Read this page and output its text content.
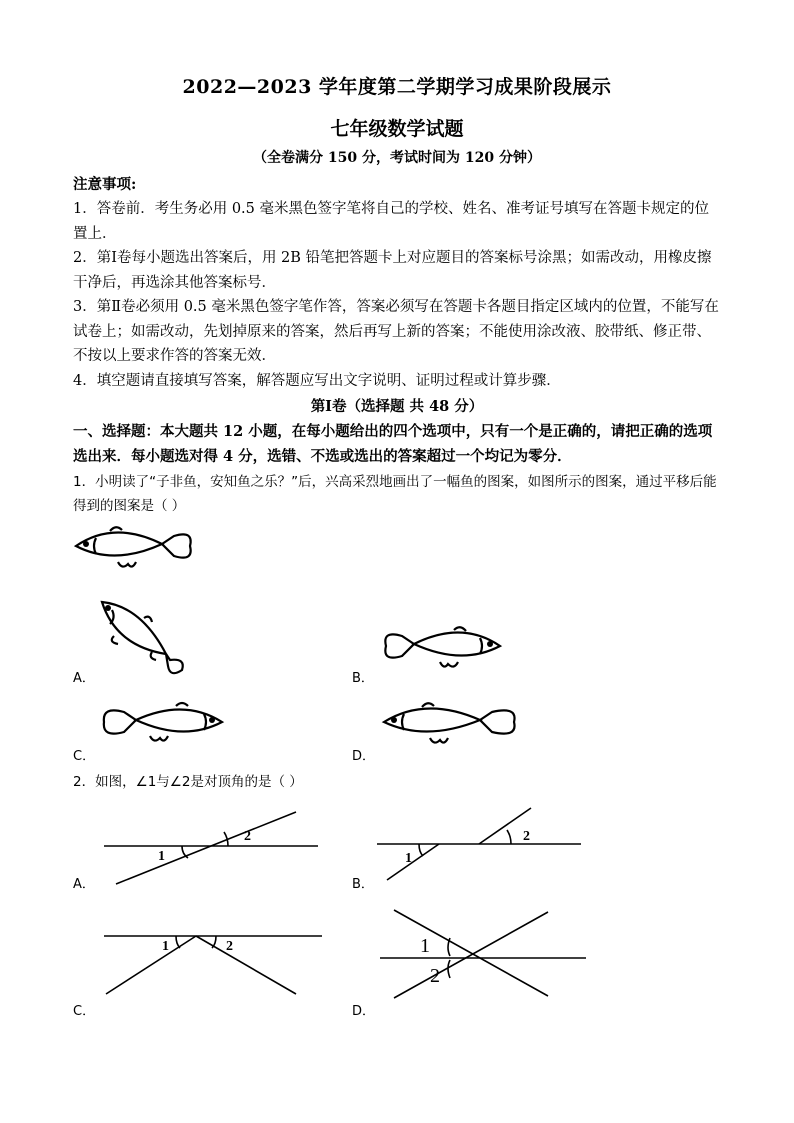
2022—2023 学年度第二学期学习成果阶段展示
七年级数学试题
（全卷满分 150 分，考试时间为 120 分钟）
注意事项:
1．答卷前．考生务必用 0.5 毫米黑色签字笔将自己的学校、姓名、准考证号填写在答题卡规定的位置上．
2．第Ⅰ卷每小题选出答案后，用 2B 铅笔把答题卡上对应题目的答案标号涂黑；如需改动，用橡皮擦干净后，再选涂其他答案标号．
3．第Ⅱ卷必须用 0.5 毫米黑色签字笔作答，答案必须写在答题卡各题目指定区域内的位置，不能写在试卷上；如需改动，先划掉原来的答案，然后再写上新的答案；不能使用涂改液、胶带纸、修正带、不按以上要求作答的答案无效．
4．填空题请直接填写答案，解答题应写出文字说明、证明过程或计算步骤．
第Ⅰ卷（选择题 共 48 分）
一、选择题：本大题共 12 小题，在每小题给出的四个选项中，只有一个是正确的，请把正确的选项选出来．每小题选对得 4 分，选错、不选或选出的答案超过一个均记为零分．
1．小明读了“子非鱼，安知鱼之乐？”后，兴高采烈地画出了一幅鱼的图案，如图所示的图案，通过平移后能得到的图案是（ ）
A．	B．
C．	D．
2．如图，∠1与∠2是对顶角的是（ ）
1
2
A．
1
2
B．
1	2
C．
1
2
D．
